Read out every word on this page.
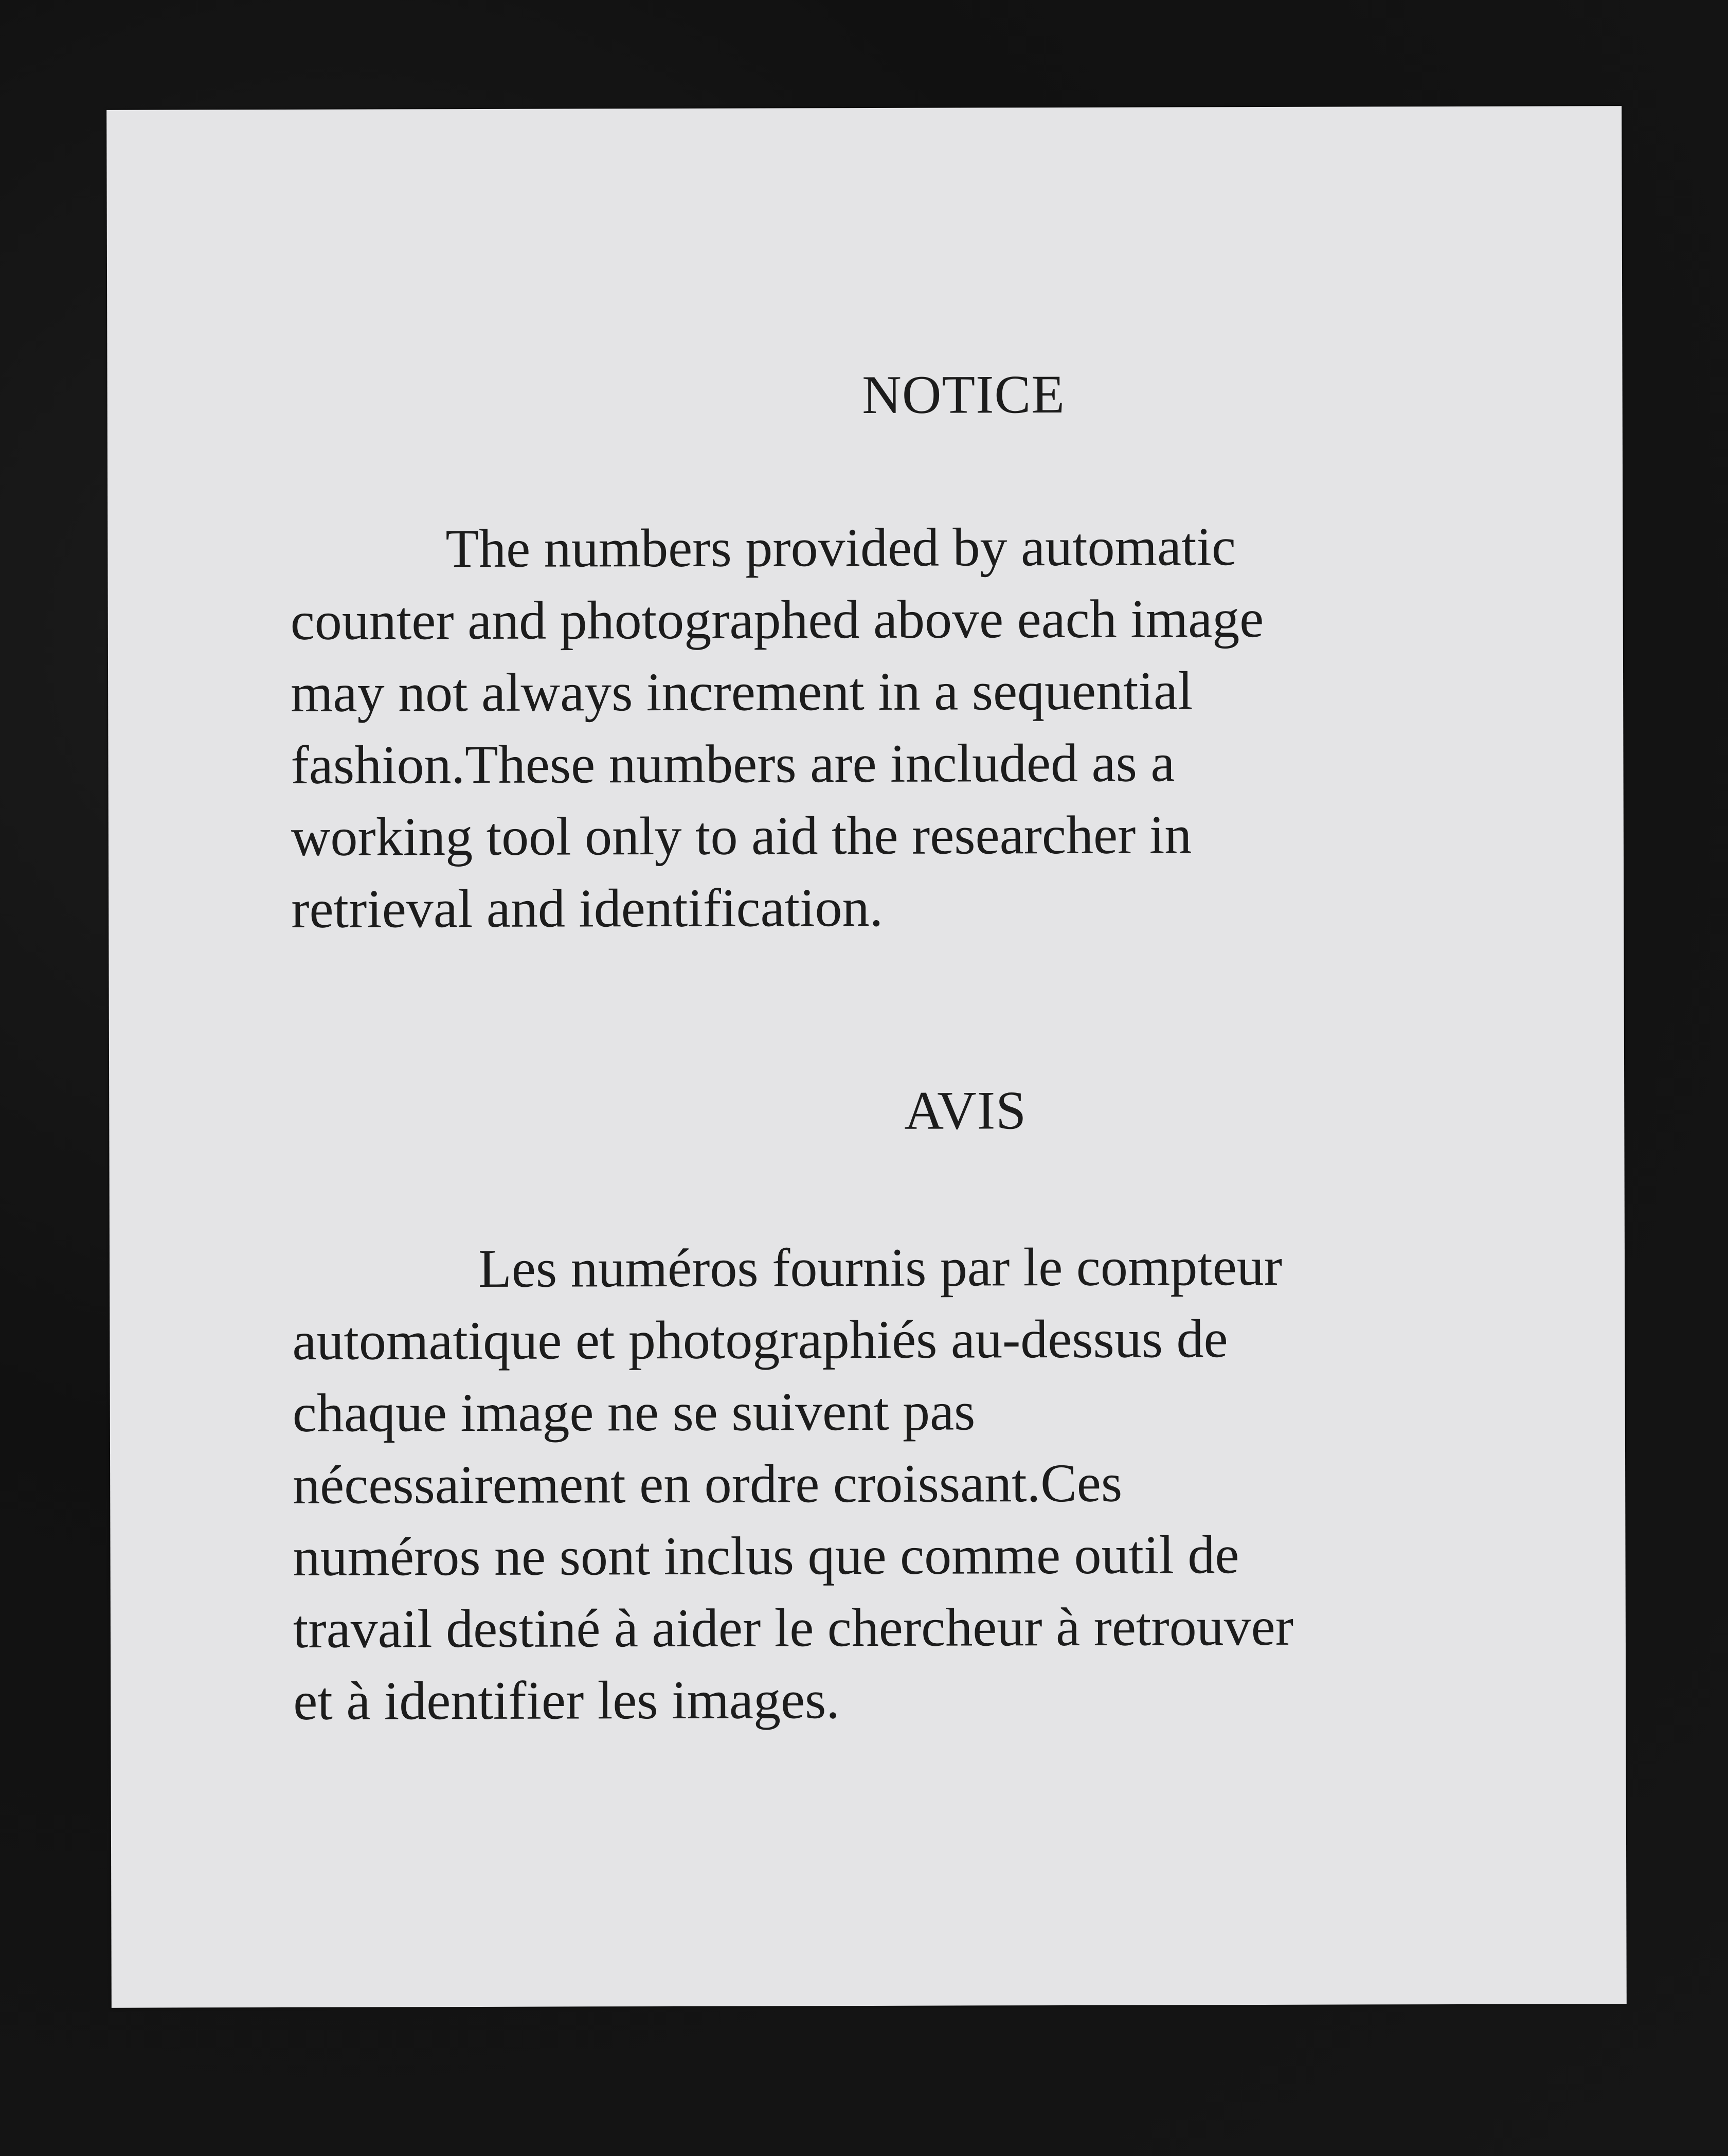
NOTICE
The numbers provided by automatic
counter and photographed above each image
may not always increment in a sequential
fashion.These numbers are included as a
working tool only to aid the researcher in
retrieval and identification.
AVIS
Les numéros fournis par le compteur
automatique et photographiés au-dessus de
chaque image ne se suivent pas
nécessairement en ordre croissant.Ces
numéros ne sont inclus que comme outil de
travail destiné à aider le chercheur à retrouver
et à identifier les images.
